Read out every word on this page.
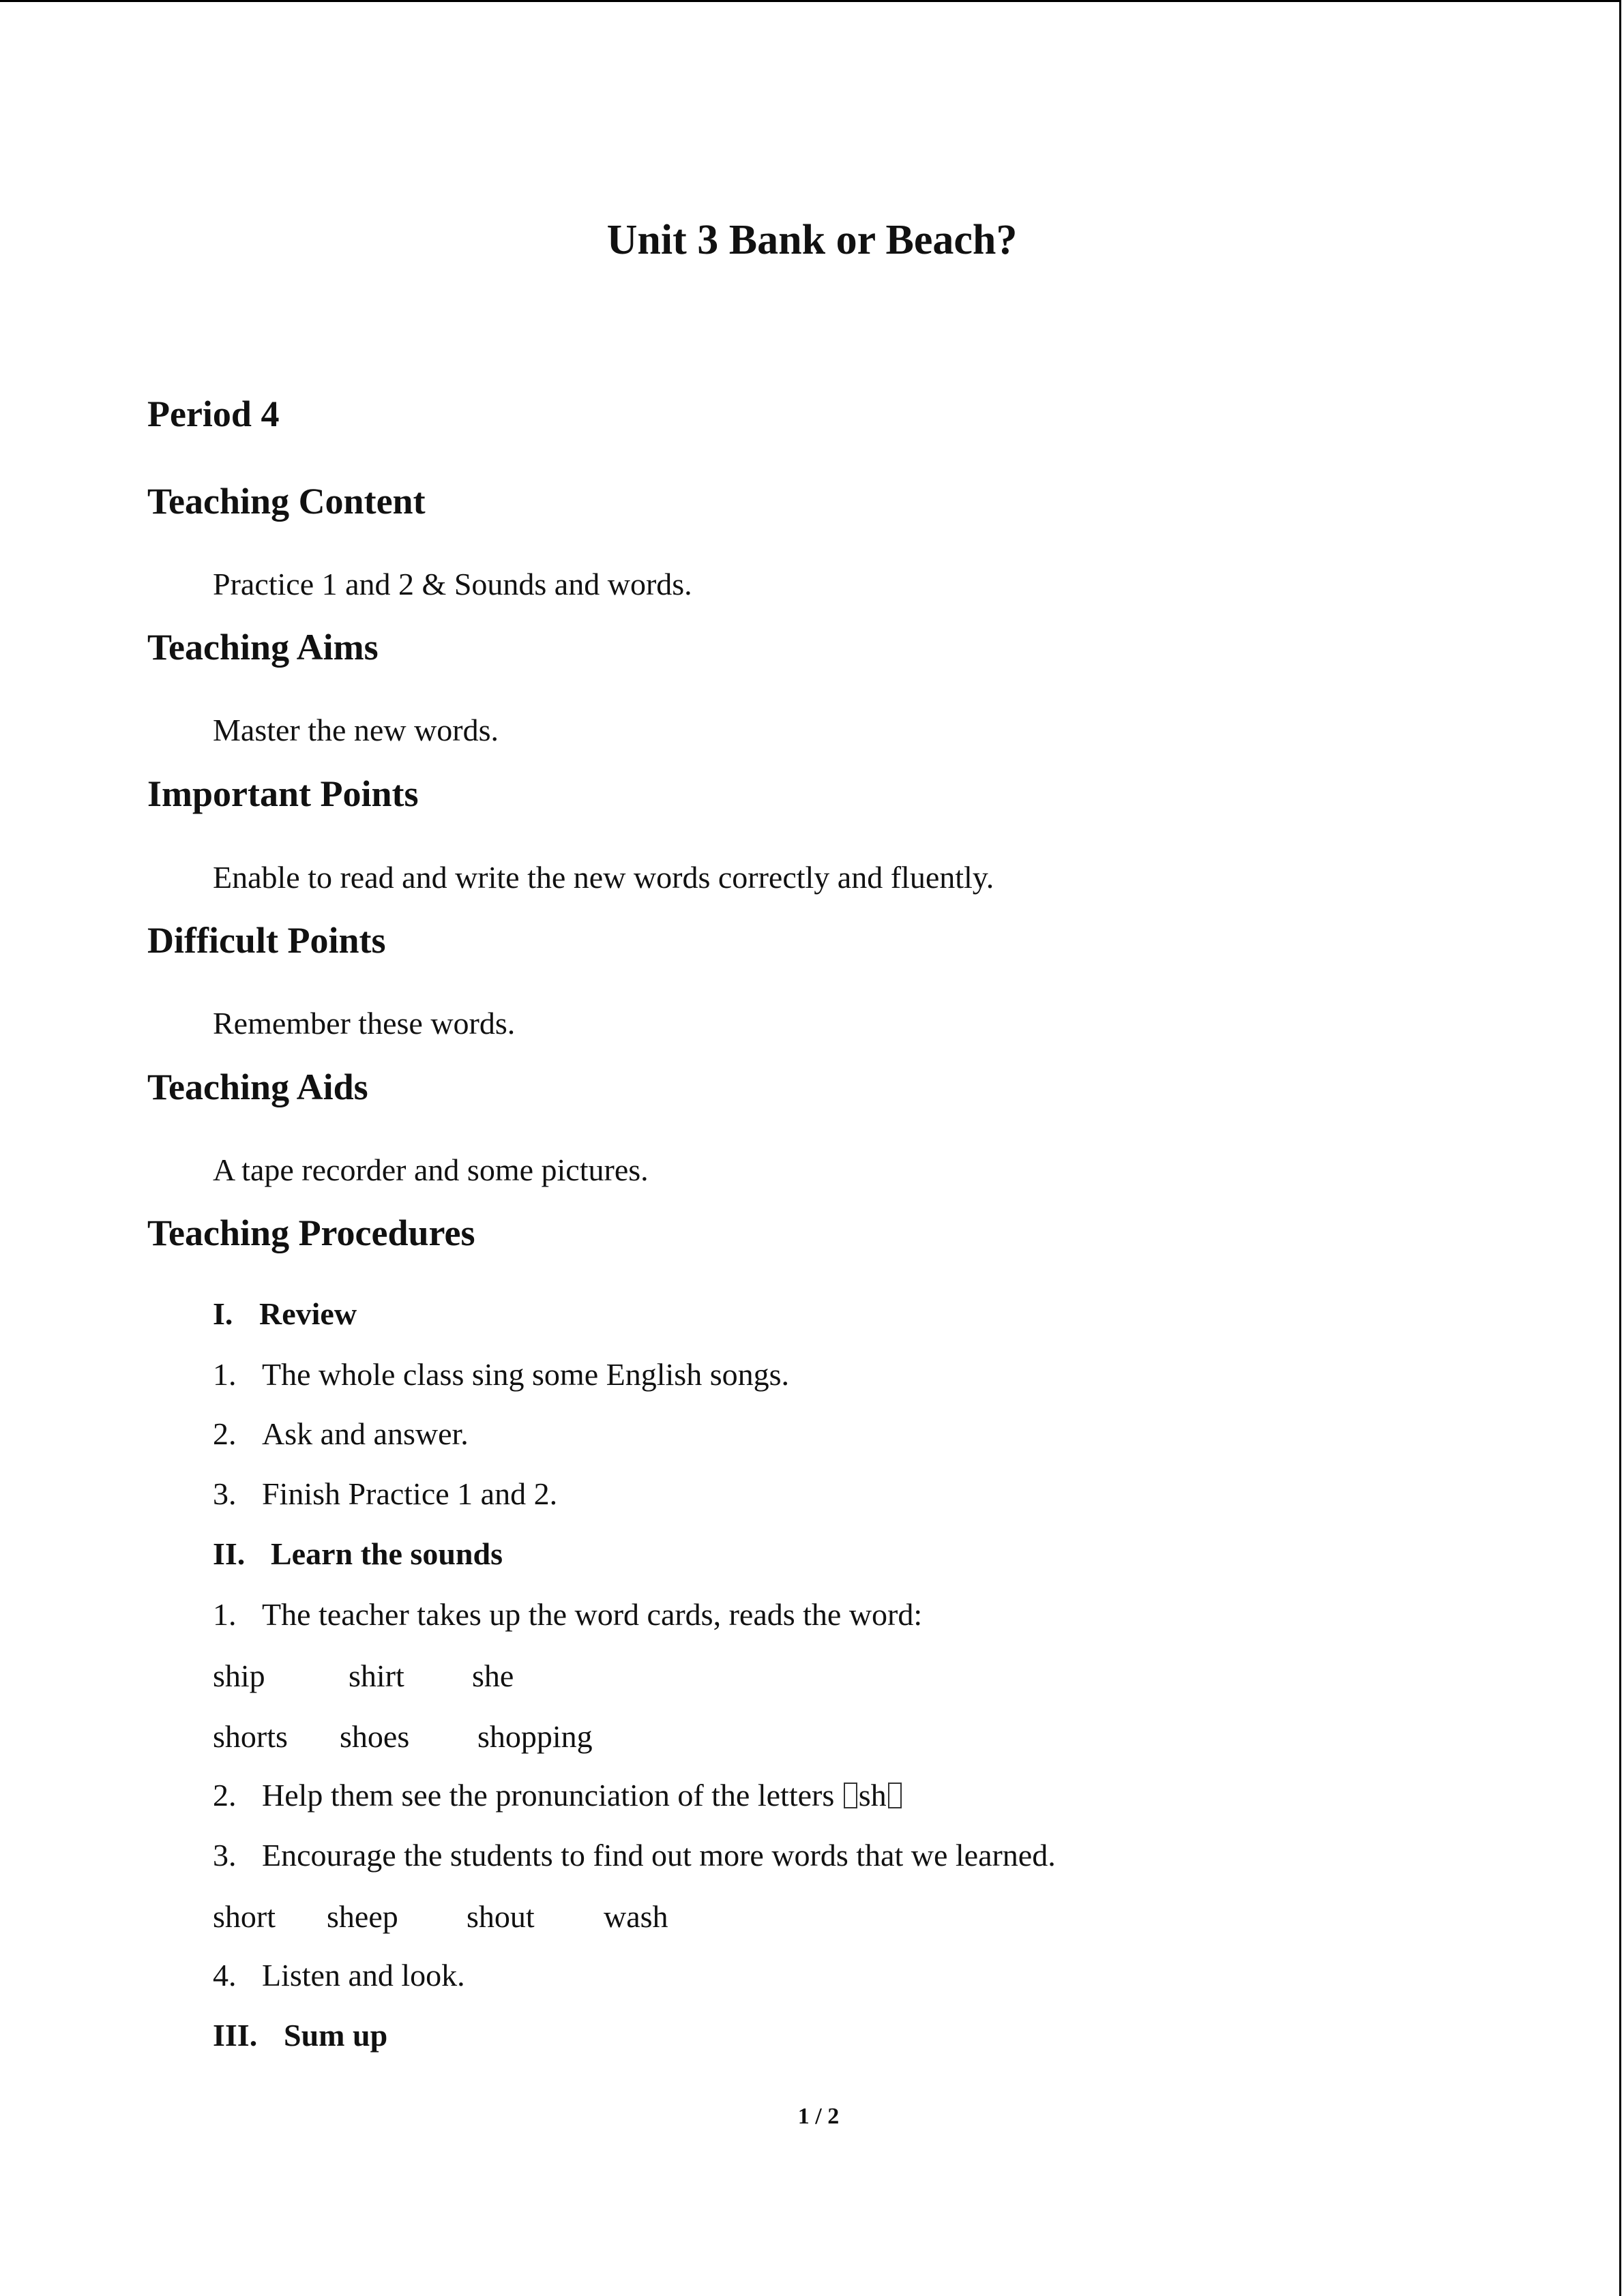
Unit 3 Bank or Beach?
Period 4
Teaching Content
Practice 1 and 2 & Sounds and words.
Teaching Aims
Master the new words.
Important Points
Enable to read and write the new words correctly and fluently.
Difficult Points
Remember these words.
Teaching Aids
A tape recorder and some pictures.
Teaching Procedures
I. Review
1. The whole class sing some English songs.
2. Ask and answer.
3. Finish Practice 1 and 2.
II. Learn the sounds
1. The teacher takes up the word cards, reads the word:
ship	shirt she
shorts shoes shopping
2. Help them see the pronunciation of the letters sh
3. Encourage the students to find out more words that we learned.
short sheep shout wash
4. Listen and look.
III. Sum up
1 / 2
